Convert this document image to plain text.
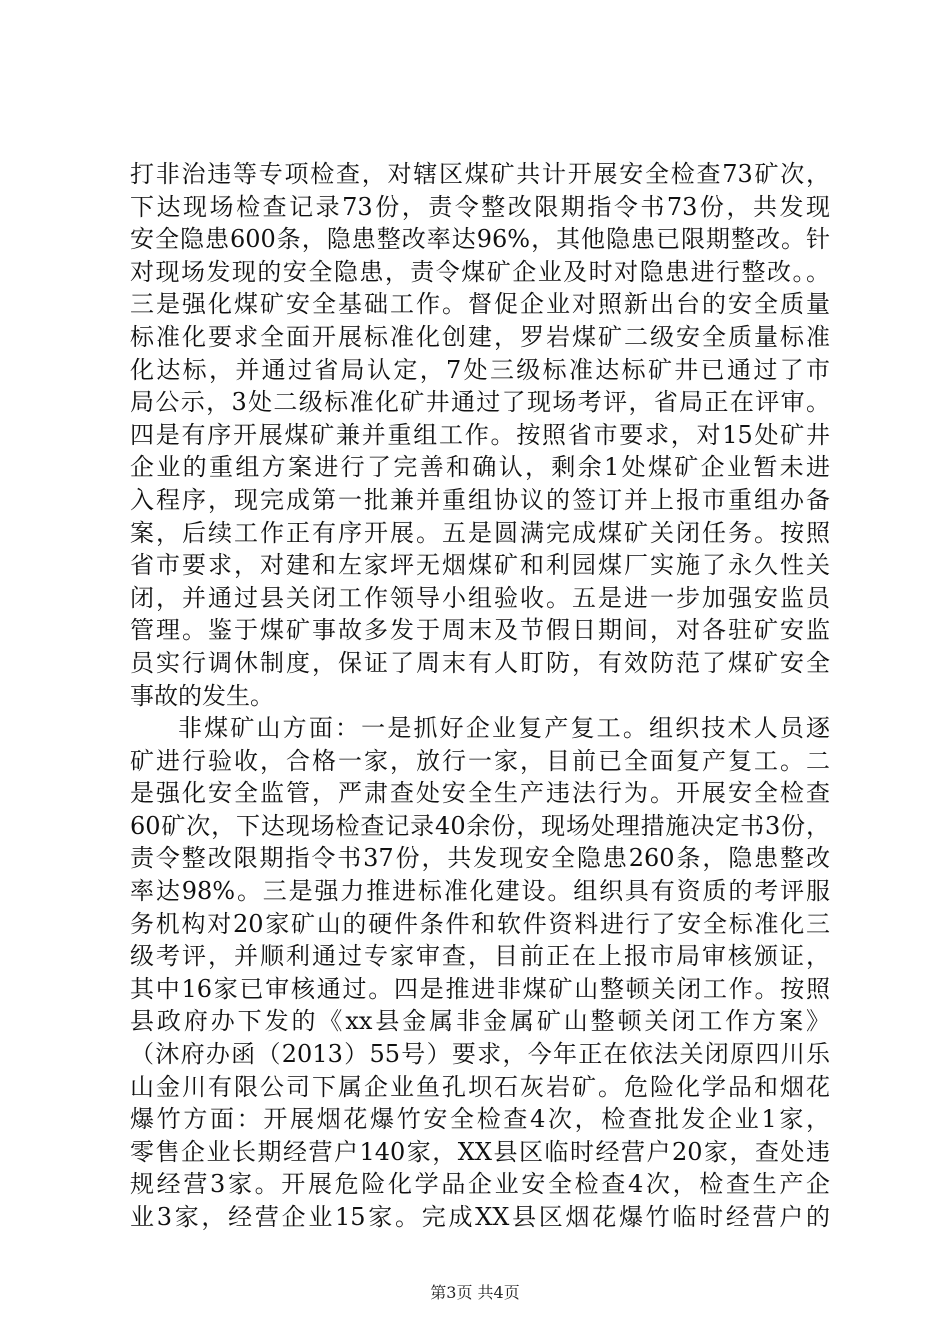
打非治违等专项检查，对辖区煤矿共计开展安全检查73矿次，
下达现场检查记录73份，责令整改限期指令书73份，共发现
安全隐患600条，隐患整改率达96%，其他隐患已限期整改。针
对现场发现的安全隐患，责令煤矿企业及时对隐患进行整改。。
三是强化煤矿安全基础工作。督促企业对照新出台的安全质量
标准化要求全面开展标准化创建，罗岩煤矿二级安全质量标准
化达标，并通过省局认定，7处三级标准达标矿井已通过了市
局公示，3处二级标准化矿井通过了现场考评，省局正在评审。
四是有序开展煤矿兼并重组工作。按照省市要求，对15处矿井
企业的重组方案进行了完善和确认，剩余1处煤矿企业暂未进
入程序，现完成第一批兼并重组协议的签订并上报市重组办备
案，后续工作正有序开展。五是圆满完成煤矿关闭任务。按照
省市要求，对建和左家坪无烟煤矿和利园煤厂实施了永久性关
闭，并通过县关闭工作领导小组验收。五是进一步加强安监员
管理。鉴于煤矿事故多发于周末及节假日期间，对各驻矿安监
员实行调休制度，保证了周末有人盯防，有效防范了煤矿安全
事故的发生。
非煤矿山方面：一是抓好企业复产复工。组织技术人员逐
矿进行验收，合格一家，放行一家，目前已全面复产复工。二
是强化安全监管，严肃查处安全生产违法行为。开展安全检查
60矿次，下达现场检查记录40余份，现场处理措施决定书3份，
责令整改限期指令书37份，共发现安全隐患260条，隐患整改
率达98%。三是强力推进标准化建设。组织具有资质的考评服
务机构对20家矿山的硬件条件和软件资料进行了安全标准化三
级考评，并顺利通过专家审查，目前正在上报市局审核颁证，
其中16家已审核通过。四是推进非煤矿山整顿关闭工作。按照
县政府办下发的《xx县金属非金属矿山整顿关闭工作方案》
（沐府办函（2013）55号）要求，今年正在依法关闭原四川乐
山金川有限公司下属企业鱼孔坝石灰岩矿。危险化学品和烟花
爆竹方面：开展烟花爆竹安全检查4次，检查批发企业1家，
零售企业长期经营户140家，XX县区临时经营户20家，查处违
规经营3家。开展危险化学品企业安全检查4次，检查生产企
业3家，经营企业15家。完成XX县区烟花爆竹临时经营户的
第3页 共4页
